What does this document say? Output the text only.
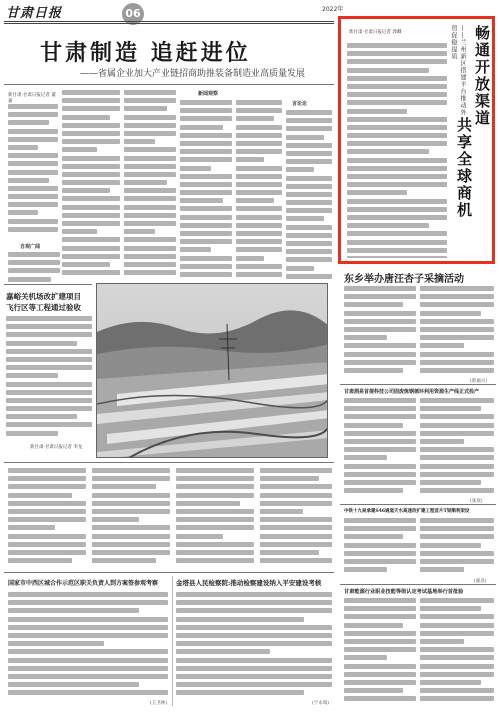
甘肃日报	06	2022年
甘肃制造 追赶进位
——省属企业加大产业链招商助推装备制造业高质量发展
新甘肃·甘肃日报记者 董嘉
自观广闻
新闻观察
言论论
嘉峪关机场改扩建项目
飞行区等工程通过验收
新甘肃·甘肃日报记者 李龙
国家市中西区城合作示范区职关负责人到方案签参观考察
(王卫林)
金塔县人民检察院:推动检察建设纳入平安建设考核
(宁永瑞)
新甘肃·甘肃日报记者 郭卿	畅通开放渠道
共享全球商机
——兰州新区搭建平台推动外贸促稳提质
东乡举办唐汪杏子采摘活动
(新福兴)
甘肃酒泉首提科技公司固废炼钢循环利用资源生产线正式投产
(张欢)
中铁十九局承建S46通道天水高速改扩建工程首片T梁顺利架设
(嘉彦)
甘肃能源行业职业技能等级认定考试基地举行首批验
